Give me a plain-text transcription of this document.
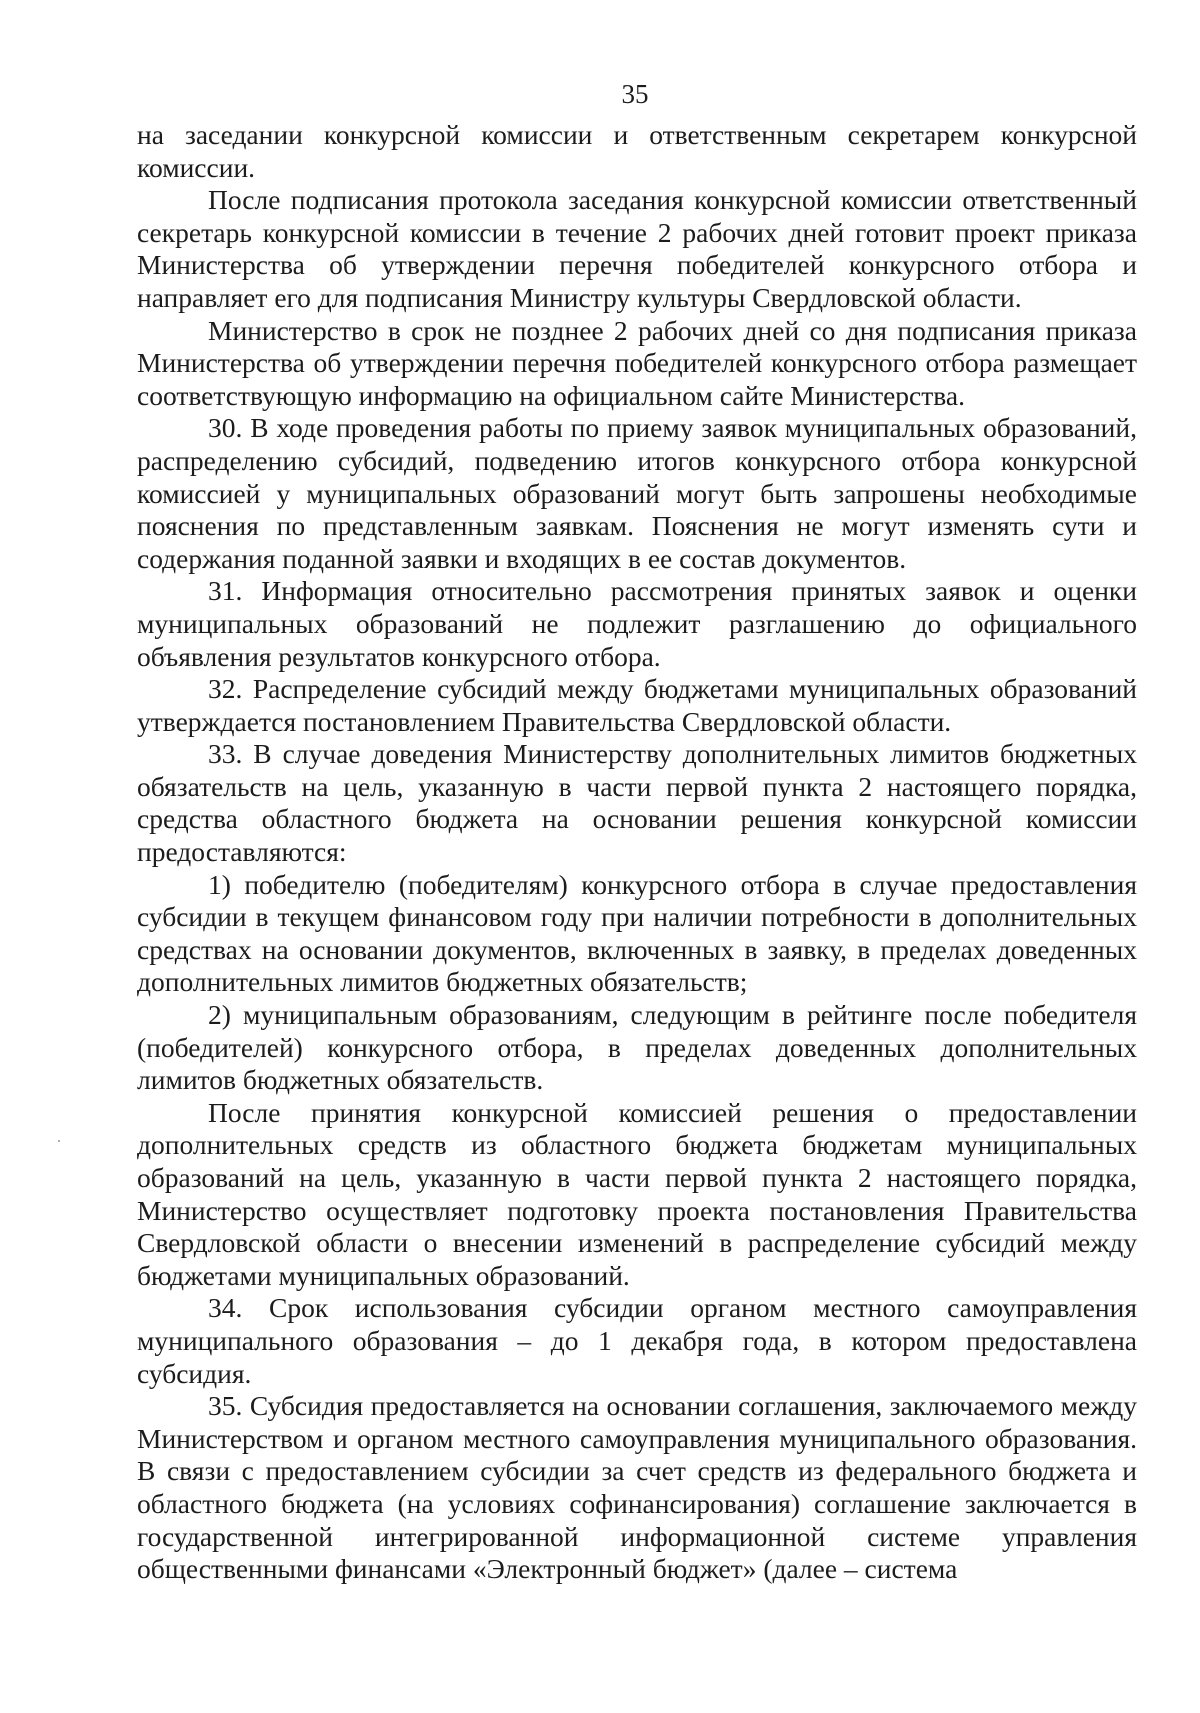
35

на заседании конкурсной комиссии и ответственным секретарем конкурсной комиссии.

После подписания протокола заседания конкурсной комиссии ответственный секретарь конкурсной комиссии в течение 2 рабочих дней готовит проект приказа Министерства об утверждении перечня победителей конкурсного отбора и направляет его для подписания Министру культуры Свердловской области.

Министерство в срок не позднее 2 рабочих дней со дня подписания приказа Министерства об утверждении перечня победителей конкурсного отбора размещает соответствующую информацию на официальном сайте Министерства.

30. В ходе проведения работы по приему заявок муниципальных образований, распределению субсидий, подведению итогов конкурсного отбора конкурсной комиссией у муниципальных образований могут быть запрошены необходимые пояснения по представленным заявкам. Пояснения не могут изменять сути и содержания поданной заявки и входящих в ее состав документов.

31. Информация относительно рассмотрения принятых заявок и оценки муниципальных образований не подлежит разглашению до официального объявления результатов конкурсного отбора.

32. Распределение субсидий между бюджетами муниципальных образований утверждается постановлением Правительства Свердловской области.

33. В случае доведения Министерству дополнительных лимитов бюджетных обязательств на цель, указанную в части первой пункта 2 настоящего порядка, средства областного бюджета на основании решения конкурсной комиссии предоставляются:

1) победителю (победителям) конкурсного отбора в случае предоставления субсидии в текущем финансовом году при наличии потребности в дополнительных средствах на основании документов, включенных в заявку, в пределах доведенных дополнительных лимитов бюджетных обязательств;

2) муниципальным образованиям, следующим в рейтинге после победителя (победителей) конкурсного отбора, в пределах доведенных дополнительных лимитов бюджетных обязательств.

После принятия конкурсной комиссией решения о предоставлении дополнительных средств из областного бюджета бюджетам муниципальных образований на цель, указанную в части первой пункта 2 настоящего порядка, Министерство осуществляет подготовку проекта постановления Правительства Свердловской области о внесении изменений в распределение субсидий между бюджетами муниципальных образований.

34. Срок использования субсидии органом местного самоуправления муниципального образования – до 1 декабря года, в котором предоставлена субсидия.

35. Субсидия предоставляется на основании соглашения, заключаемого между Министерством и органом местного самоуправления муниципального образования. В связи с предоставлением субсидии за счет средств из федерального бюджета и областного бюджета (на условиях софинансирования) соглашение заключается в государственной интегрированной информационной системе управления общественными финансами «Электронный бюджет» (далее – система
